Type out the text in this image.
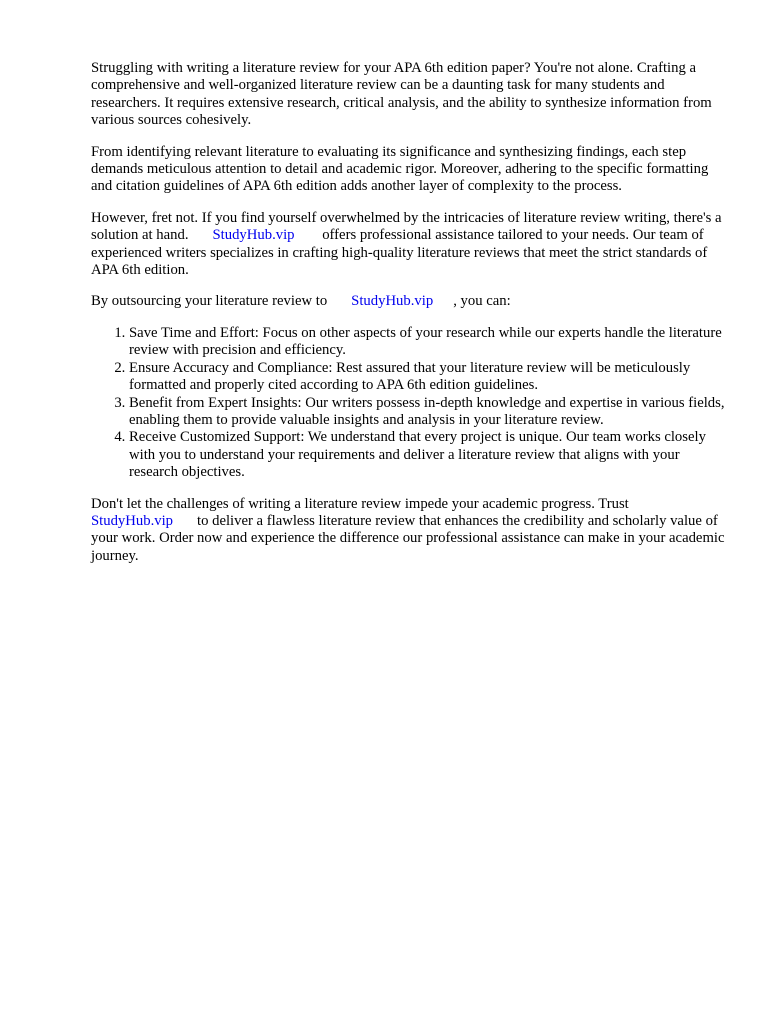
Struggling with writing a literature review for your APA 6th edition paper? You're not alone. Crafting a comprehensive and well-organized literature review can be a daunting task for many students and researchers. It requires extensive research, critical analysis, and the ability to synthesize information from various sources cohesively.

From identifying relevant literature to evaluating its significance and synthesizing findings, each step demands meticulous attention to detail and academic rigor. Moreover, adhering to the specific formatting and citation guidelines of APA 6th edition adds another layer of complexity to the process.

However, fret not. If you find yourself overwhelmed by the intricacies of literature review writing, there's a solution at hand. StudyHub.vip offers professional assistance tailored to your needs. Our team of experienced writers specializes in crafting high-quality literature reviews that meet the strict standards of APA 6th edition.

By outsourcing your literature review to StudyHub.vip , you can:

1. Save Time and Effort: Focus on other aspects of your research while our experts handle the literature review with precision and efficiency.
2. Ensure Accuracy and Compliance: Rest assured that your literature review will be meticulously formatted and properly cited according to APA 6th edition guidelines.
3. Benefit from Expert Insights: Our writers possess in-depth knowledge and expertise in various fields, enabling them to provide valuable insights and analysis in your literature review.
4. Receive Customized Support: We understand that every project is unique. Our team works closely with you to understand your requirements and deliver a literature review that aligns with your research objectives.

Don't let the challenges of writing a literature review impede your academic progress. Trust StudyHub.vip to deliver a flawless literature review that enhances the credibility and scholarly value of your work. Order now and experience the difference our professional assistance can make in your academic journey.
